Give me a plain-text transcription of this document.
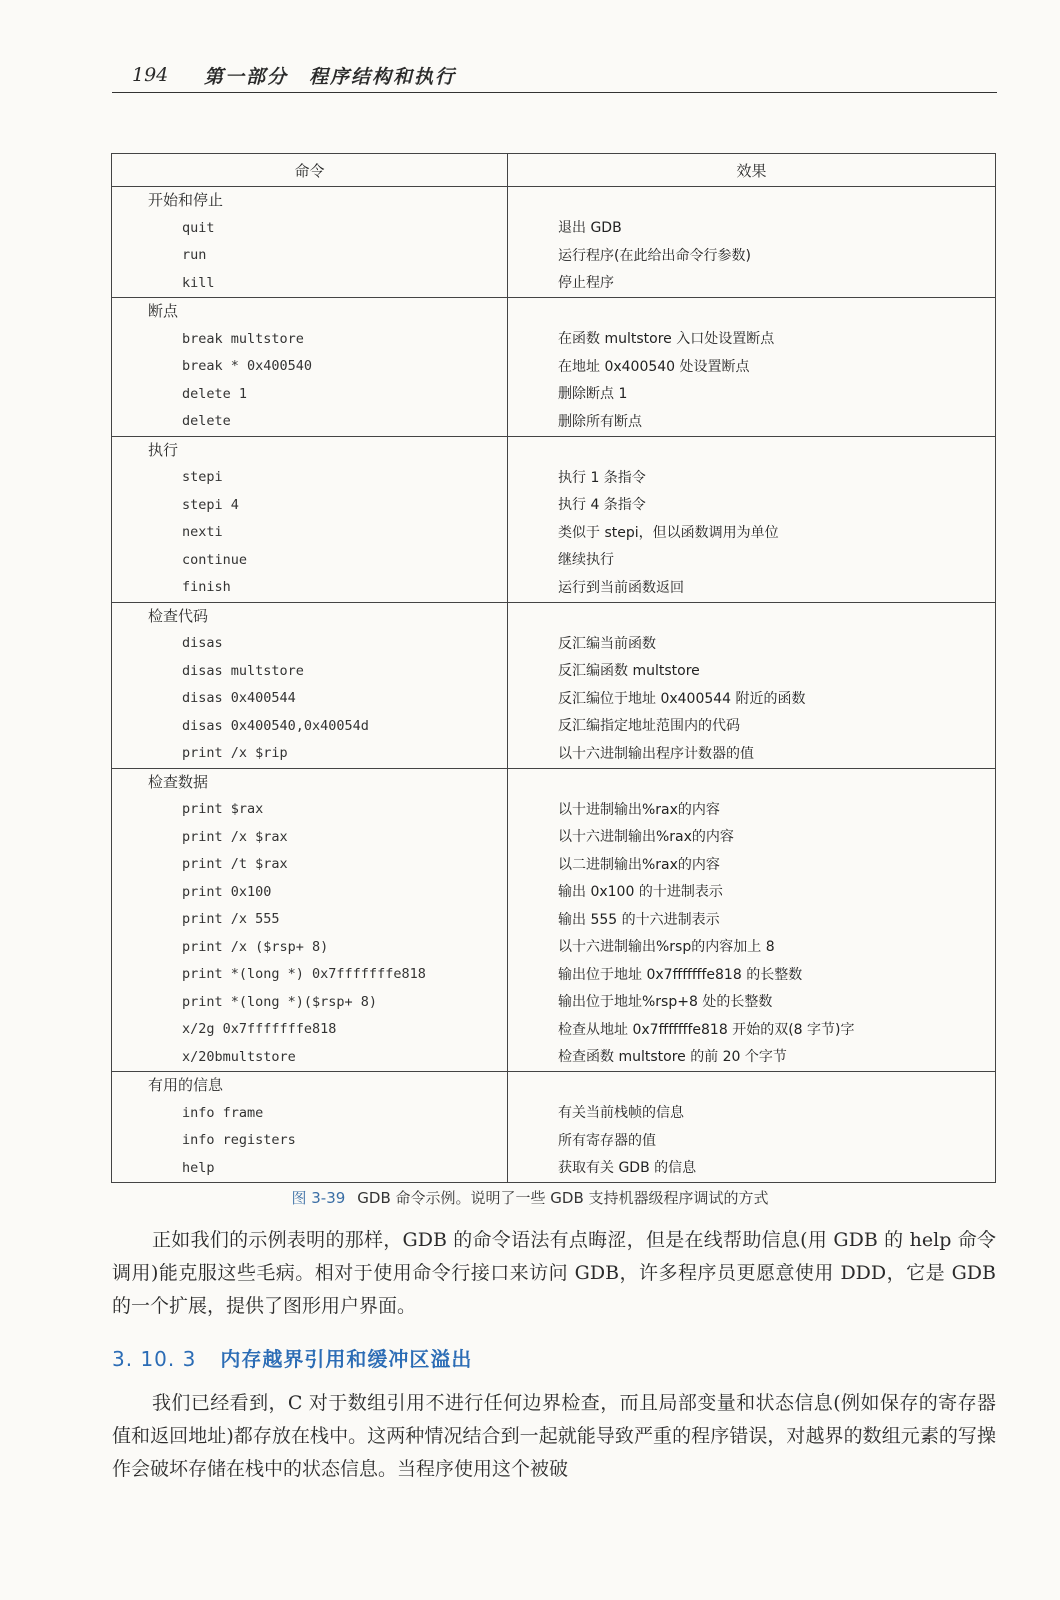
194 第一部分　程序结构和执行
命令	效果
开始和停止	
quit	退出 GDB
run	运行程序(在此给出命令行参数)
kill	停止程序
断点	
break multstore	在函数 multstore 入口处设置断点
break * 0x400540	在地址 0x400540 处设置断点
delete 1	删除断点 1
delete	删除所有断点
执行	
stepi	执行 1 条指令
stepi 4	执行 4 条指令
nexti	类似于 stepi，但以函数调用为单位
continue	继续执行
finish	运行到当前函数返回
检查代码	
disas	反汇编当前函数
disas multstore	反汇编函数 multstore
disas 0x400544	反汇编位于地址 0x400544 附近的函数
disas 0x400540,0x40054d	反汇编指定地址范围内的代码
print /x $rip	以十六进制输出程序计数器的值
检查数据	
print $rax	以十进制输出%rax的内容
print /x $rax	以十六进制输出%rax的内容
print /t $rax	以二进制输出%rax的内容
print 0x100	输出 0x100 的十进制表示
print /x 555	输出 555 的十六进制表示
print /x ($rsp+ 8)	以十六进制输出%rsp的内容加上 8
print *(long *) 0x7fffffffe818	输出位于地址 0x7fffffffe818 的长整数
print *(long *)($rsp+ 8)	输出位于地址%rsp+8 处的长整数
x/2g 0x7fffffffe818	检查从地址 0x7fffffffe818 开始的双(8 字节)字
x/20bmultstore	检查函数 multstore 的前 20 个字节
有用的信息	
info frame	有关当前栈帧的信息
info registers	所有寄存器的值
help	获取有关 GDB 的信息
图 3-39 GDB 命令示例。说明了一些 GDB 支持机器级程序调试的方式

正如我们的示例表明的那样，GDB 的命令语法有点晦涩，但是在线帮助信息(用 GDB 的 help 命令调用)能克服这些毛病。相对于使用命令行接口来访问 GDB，许多程序员更愿意使用 DDD，它是 GDB 的一个扩展，提供了图形用户界面。

3. 10. 3 内存越界引用和缓冲区溢出

我们已经看到，C 对于数组引用不进行任何边界检查，而且局部变量和状态信息(例如保存的寄存器值和返回地址)都存放在栈中。这两种情况结合到一起就能导致严重的程序错误，对越界的数组元素的写操作会破坏存储在栈中的状态信息。当程序使用这个被破
